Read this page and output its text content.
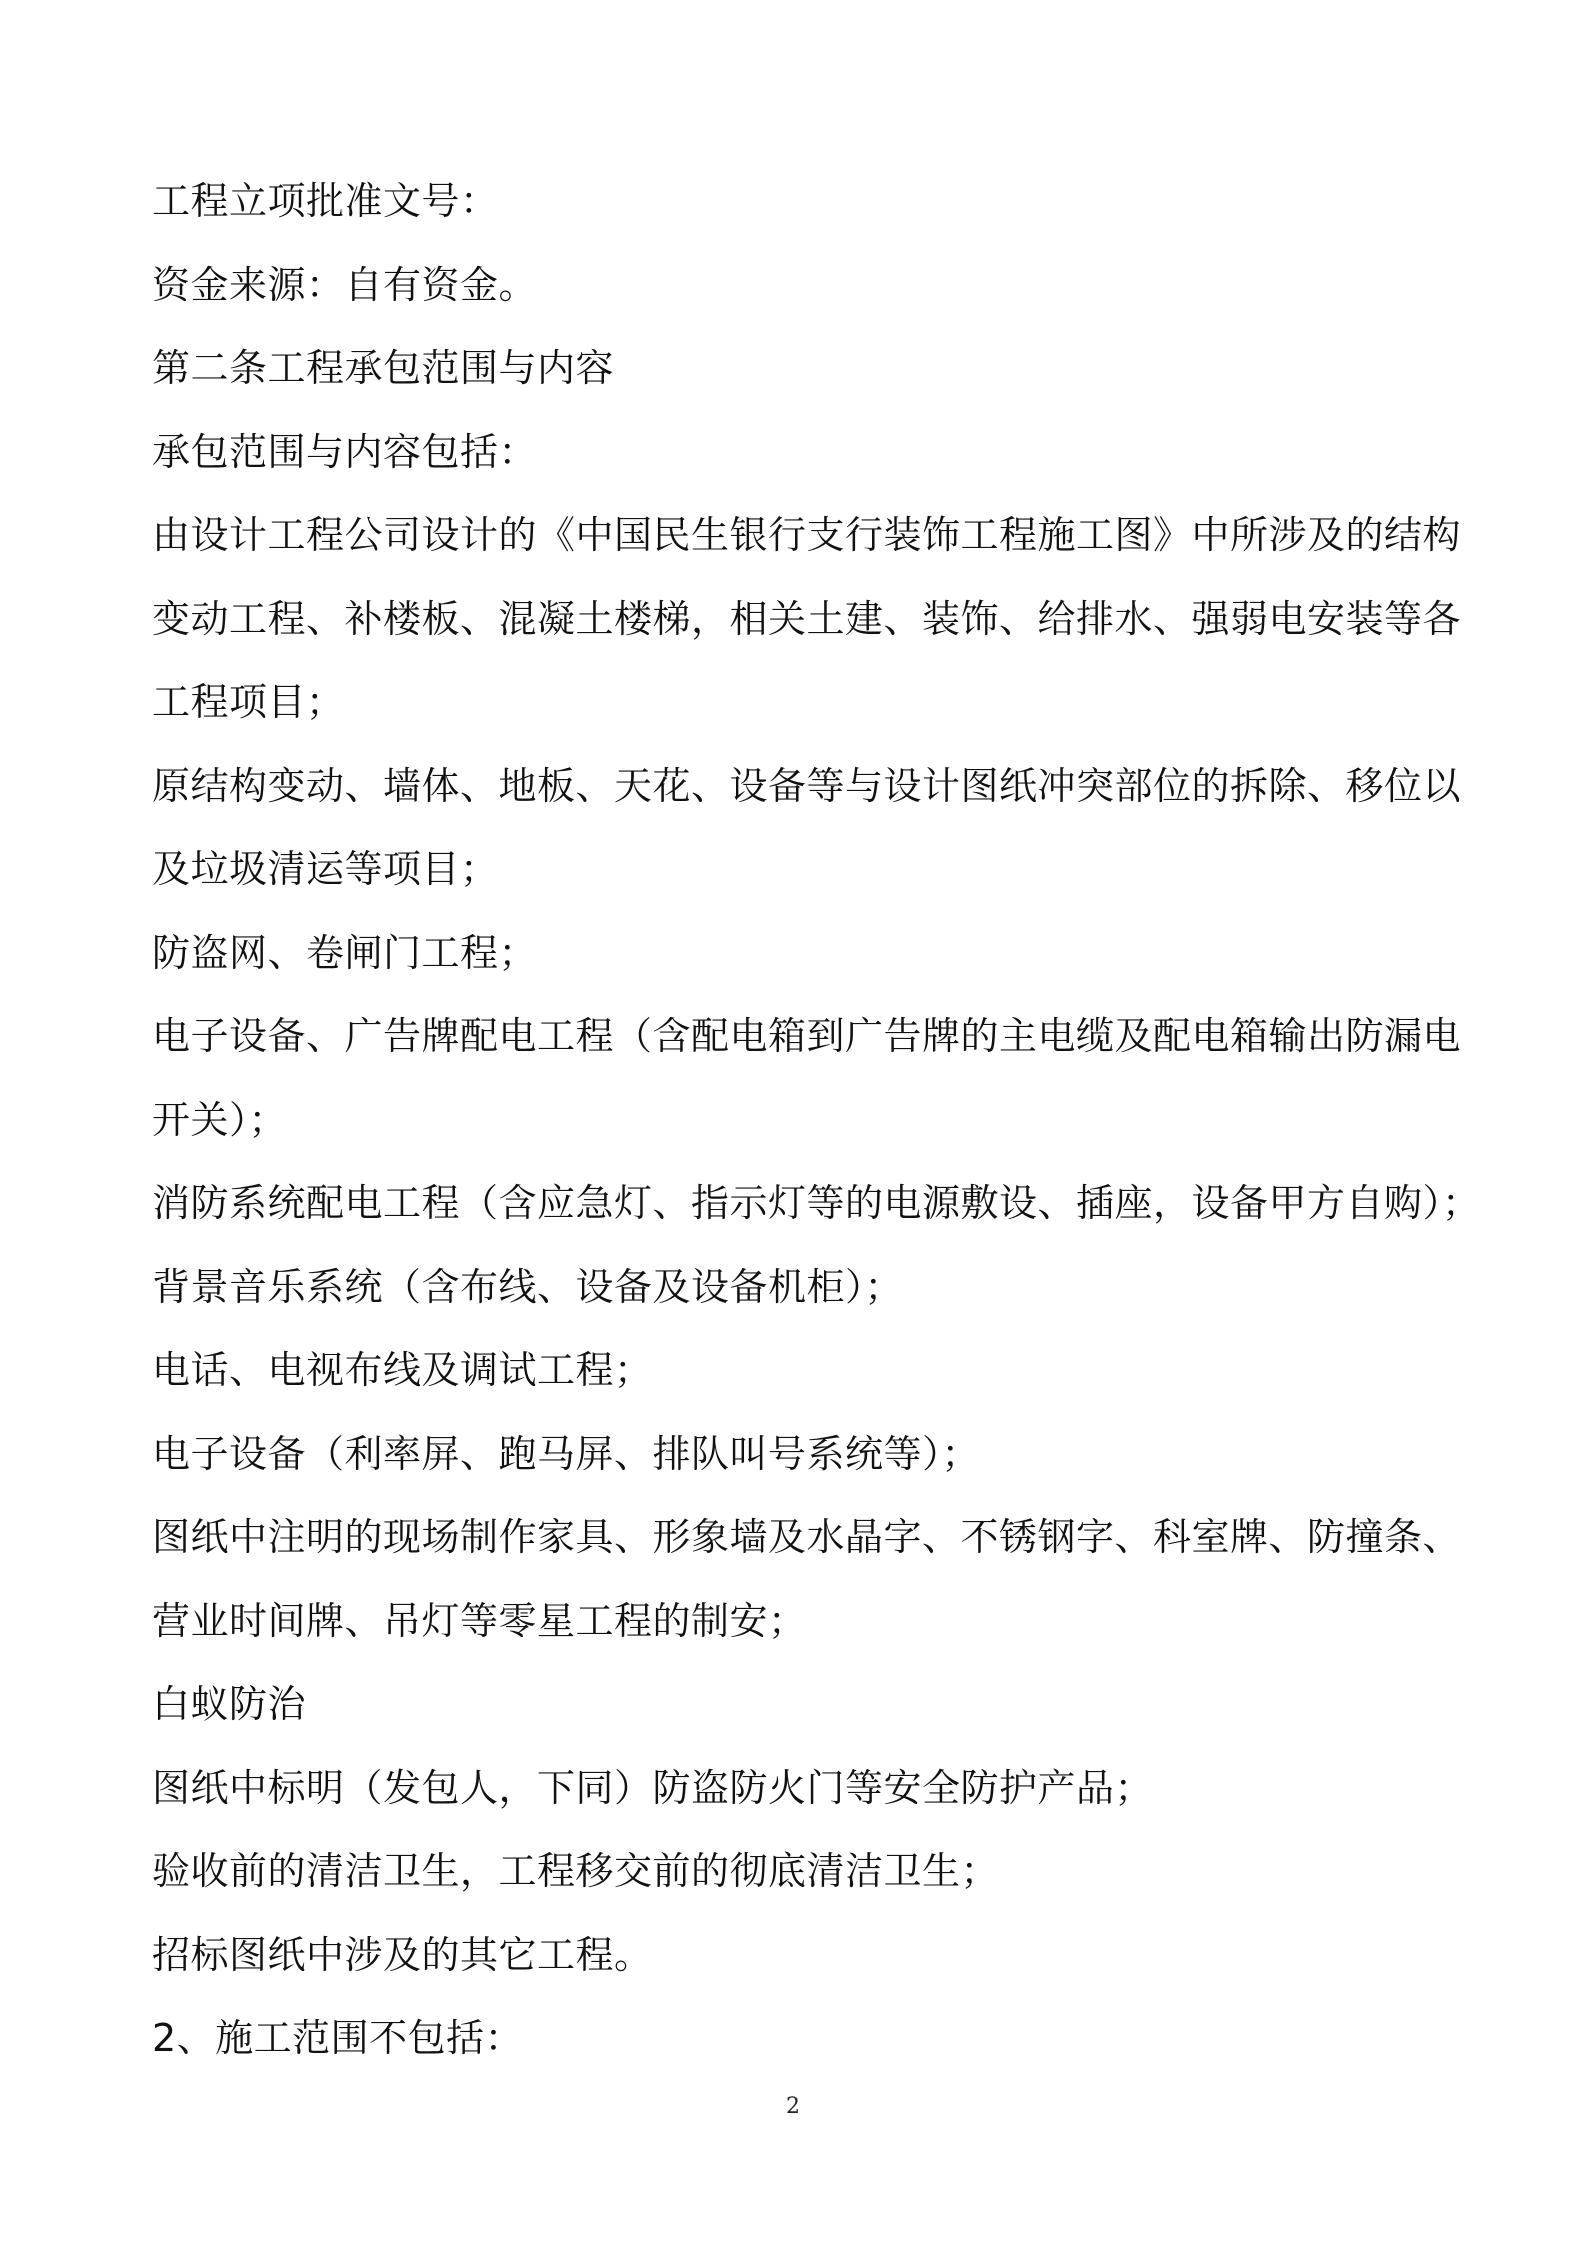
工程立项批准文号：
资金来源：自有资金。
第二条工程承包范围与内容
承包范围与内容包括：
由设计工程公司设计的《中国民生银行支行装饰工程施工图》中所涉及的结构
变动工程、补楼板、混凝土楼梯，相关土建、装饰、给排水、强弱电安装等各
工程项目；
原结构变动、墙体、地板、天花、设备等与设计图纸冲突部位的拆除、移位以
及垃圾清运等项目；
防盗网、卷闸门工程；
电子设备、广告牌配电工程（含配电箱到广告牌的主电缆及配电箱输出防漏电
开关）；
消防系统配电工程（含应急灯、指示灯等的电源敷设、插座，设备甲方自购）；
背景音乐系统（含布线、设备及设备机柜）；
电话、电视布线及调试工程；
电子设备（利率屏、跑马屏、排队叫号系统等）；
图纸中注明的现场制作家具、形象墙及水晶字、不锈钢字、科室牌、防撞条、
营业时间牌、吊灯等零星工程的制安；
白蚁防治
图纸中标明（发包人，下同）防盗防火门等安全防护产品；
验收前的清洁卫生，工程移交前的彻底清洁卫生；
招标图纸中涉及的其它工程。
2、施工范围不包括：
2
